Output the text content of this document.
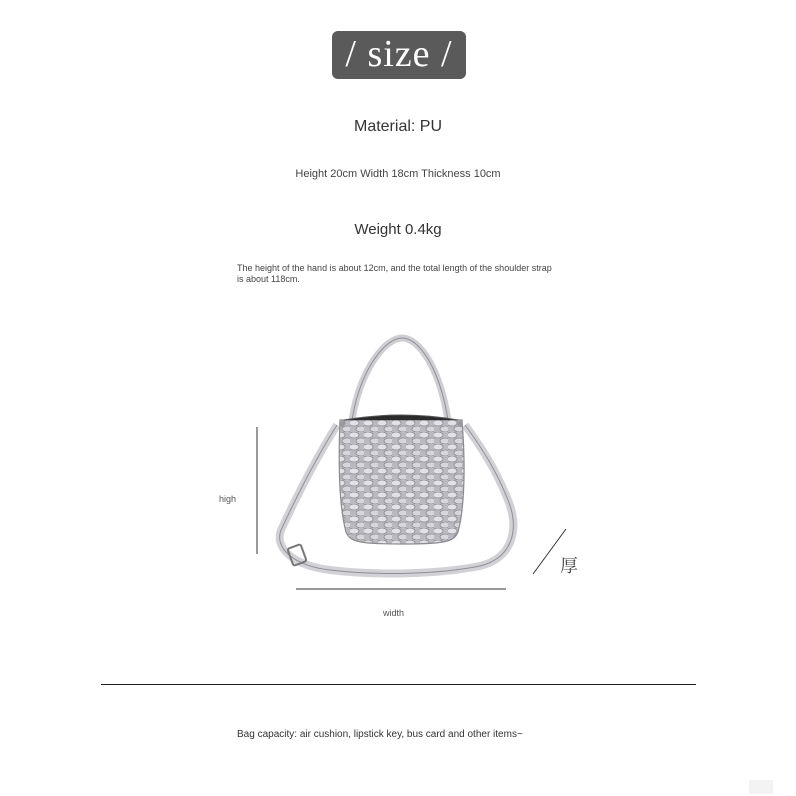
/ size /
Material: PU
Height 20cm Width 18cm Thickness 10cm
Weight 0.4kg
The height of the hand is about 12cm, and the total length of the shoulder strap is about 118cm.
high
width
厚
Bag capacity: air cushion, lipstick key, bus card and other items~
